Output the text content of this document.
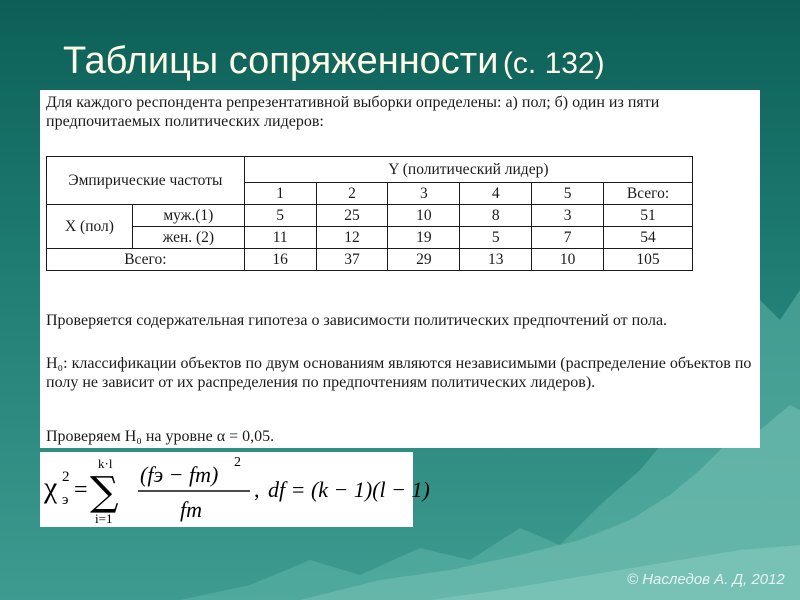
Таблицы сопряженности (с. 132)

Для каждого респондента репрезентативной выборки определены: а) пол; б) один из пяти предпочитаемых политических лидеров:

Эмпирические частоты		Y (политический лидер)					
		1	2	3	4	5	Всего:
X (пол)	муж.(1)	5	25	10	8	3	51
	жен. (2)	11	12	19	5	7	54
Всего:		16	37	29	13	10	105

Проверяется содержательная гипотеза о зависимости политических предпочтений от пола.

H₀: классификации объектов по двум основаниям являются независимыми (распределение объектов по полу не зависит от их распределения по предпочтениям политических лидеров).

Проверяем H₀ на уровне α = 0,05.

χ 2
э =
k·l
∑
i=1
(fэ − fт) 2
fт
, df = (k − 1)(l − 1)
© Наследов А. Д, 2012
